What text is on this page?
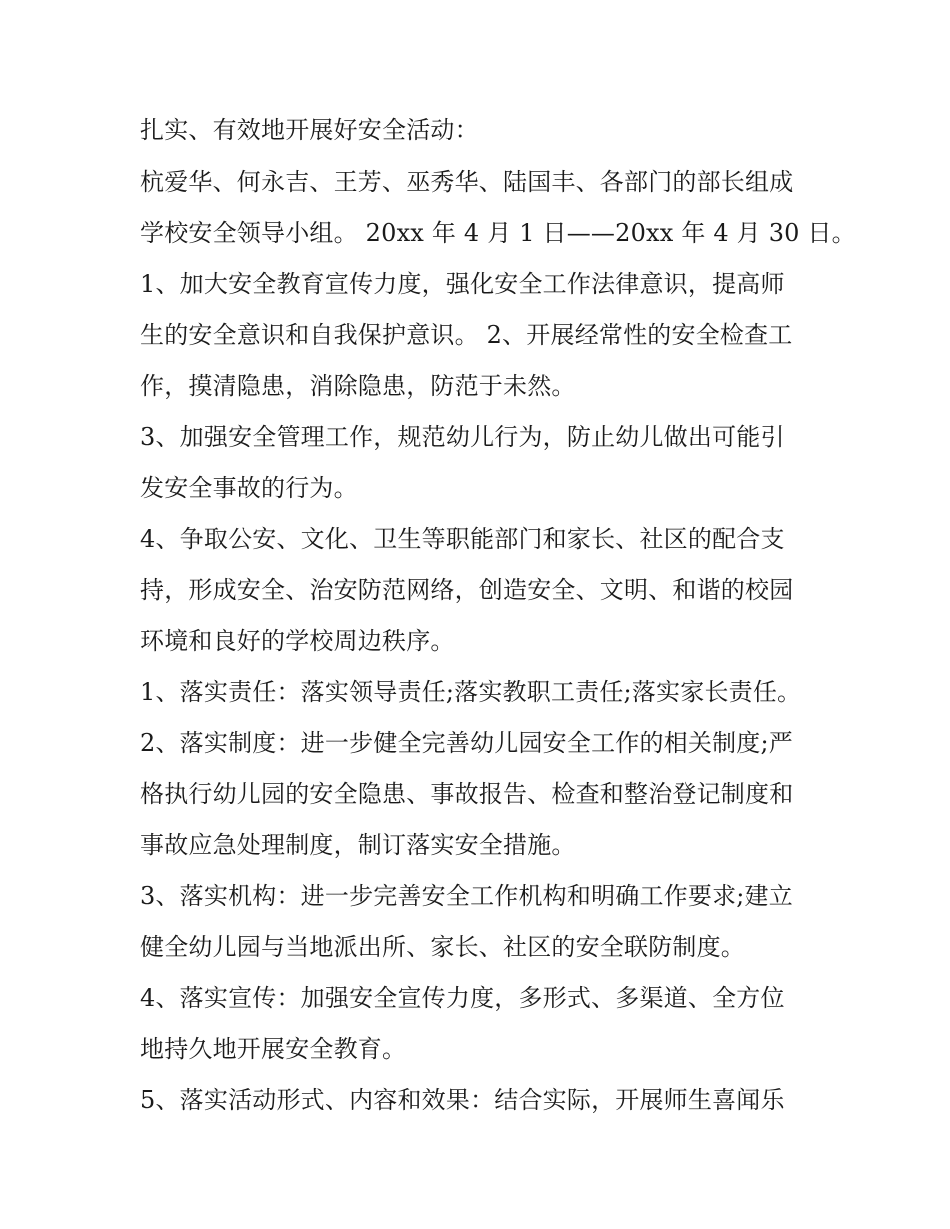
扎实、有效地开展好安全活动：
杭爱华、何永吉、王芳、巫秀华、陆国丰、各部门的部长组成
学校安全领导小组。 20xx 年 4 月 1 日——20xx 年 4 月 30 日。
1、加大安全教育宣传力度，强化安全工作法律意识，提高师
生的安全意识和自我保护意识。 2、开展经常性的安全检查工
作，摸清隐患，消除隐患，防范于未然。
3、加强安全管理工作，规范幼儿行为，防止幼儿做出可能引
发安全事故的行为。
4、争取公安、文化、卫生等职能部门和家长、社区的配合支
持，形成安全、治安防范网络，创造安全、文明、和谐的校园
环境和良好的学校周边秩序。
1、落实责任：落实领导责任;落实教职工责任;落实家长责任。
2、落实制度：进一步健全完善幼儿园安全工作的相关制度;严
格执行幼儿园的安全隐患、事故报告、检查和整治登记制度和
事故应急处理制度，制订落实安全措施。
3、落实机构：进一步完善安全工作机构和明确工作要求;建立
健全幼儿园与当地派出所、家长、社区的安全联防制度。
4、落实宣传：加强安全宣传力度，多形式、多渠道、全方位
地持久地开展安全教育。
5、落实活动形式、内容和效果：结合实际，开展师生喜闻乐
